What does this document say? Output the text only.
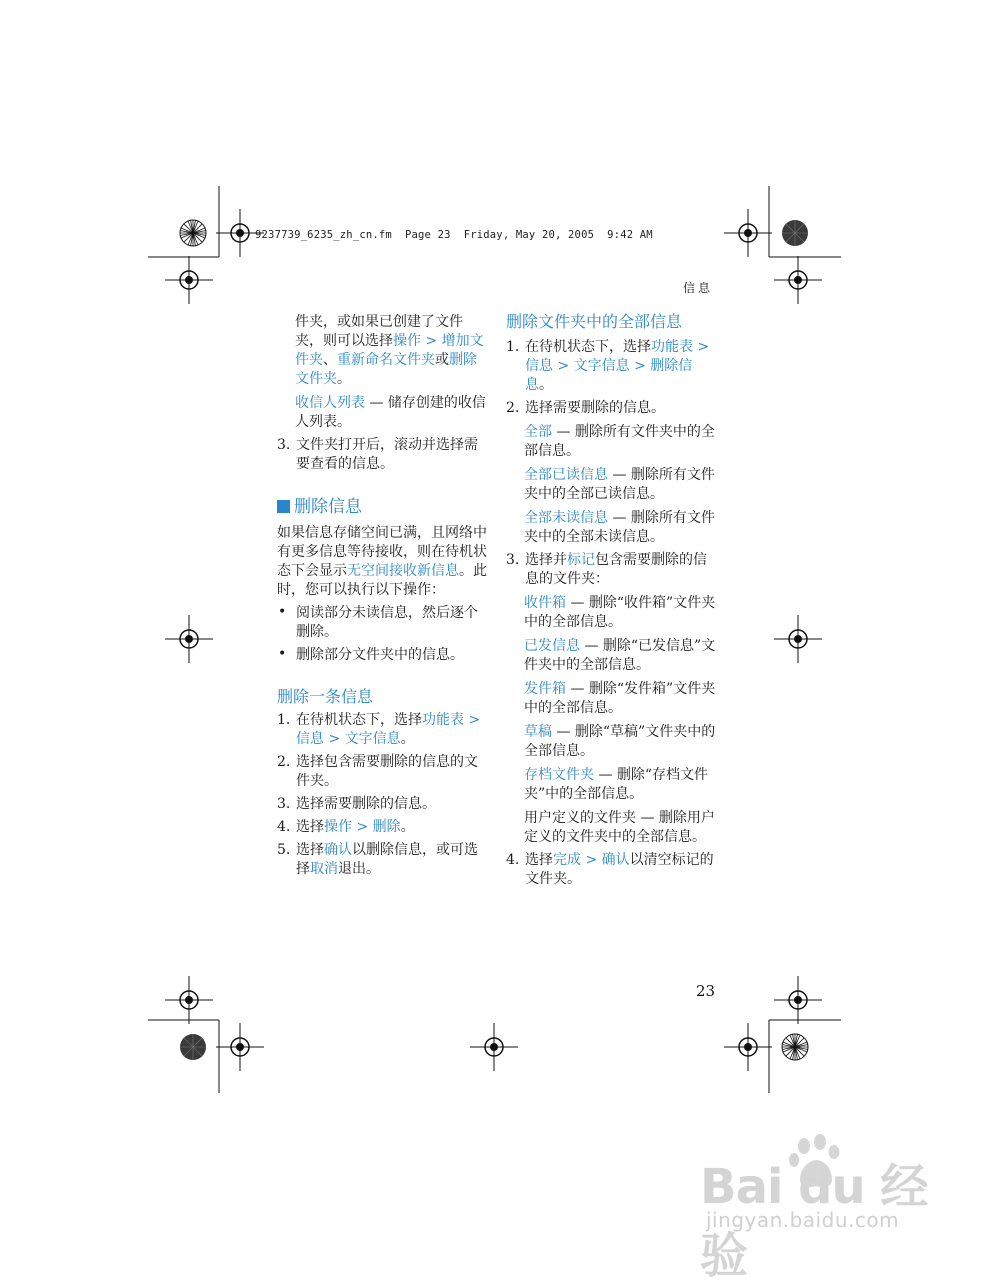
9237739_6235_zh_cn.fm  Page 23  Friday, May 20, 2005  9:42 AM
信息

件夹，或如果已创建了文件夹，则可以选择操作 > 增加文件夹、重新命名文件夹或删除文件夹。

收信人列表 — 储存创建的收信人列表。

3. 文件夹打开后，滚动并选择需要查看的信息。
删除信息

如果信息存储空间已满，且网络中有更多信息等待接收，则在待机状态下会显示无空间接收新信息。此时，您可以执行以下操作：

• 阅读部分未读信息，然后逐个删除。
• 删除部分文件夹中的信息。
删除一条信息
1. 在待机状态下，选择功能表 > 信息 > 文字信息。
2. 选择包含需要删除的信息的文件夹。
3. 选择需要删除的信息。
4. 选择操作 > 删除。
5. 选择确认以删除信息，或可选择取消退出。
删除文件夹中的全部信息
1. 在待机状态下，选择功能表 > 信息 > 文字信息 > 删除信息。
2. 选择需要删除的信息。

全部 — 删除所有文件夹中的全部信息。

全部已读信息 — 删除所有文件夹中的全部已读信息。

全部未读信息 — 删除所有文件夹中的全部未读信息。

3. 选择并标记包含需要删除的信息的文件夹：

收件箱 — 删除“收件箱”文件夹中的全部信息。

已发信息 — 删除“已发信息”文件夹中的全部信息。

发件箱 — 删除“发件箱”文件夹中的全部信息。

草稿 — 删除“草稿”文件夹中的全部信息。

存档文件夹 — 删除“存档文件夹”中的全部信息。

用户定义的文件夹 — 删除用户定义的文件夹中的全部信息。

4. 选择完成 > 确认以清空标记的文件夹。
23
Bai du 经验
jingyan.baidu.com
